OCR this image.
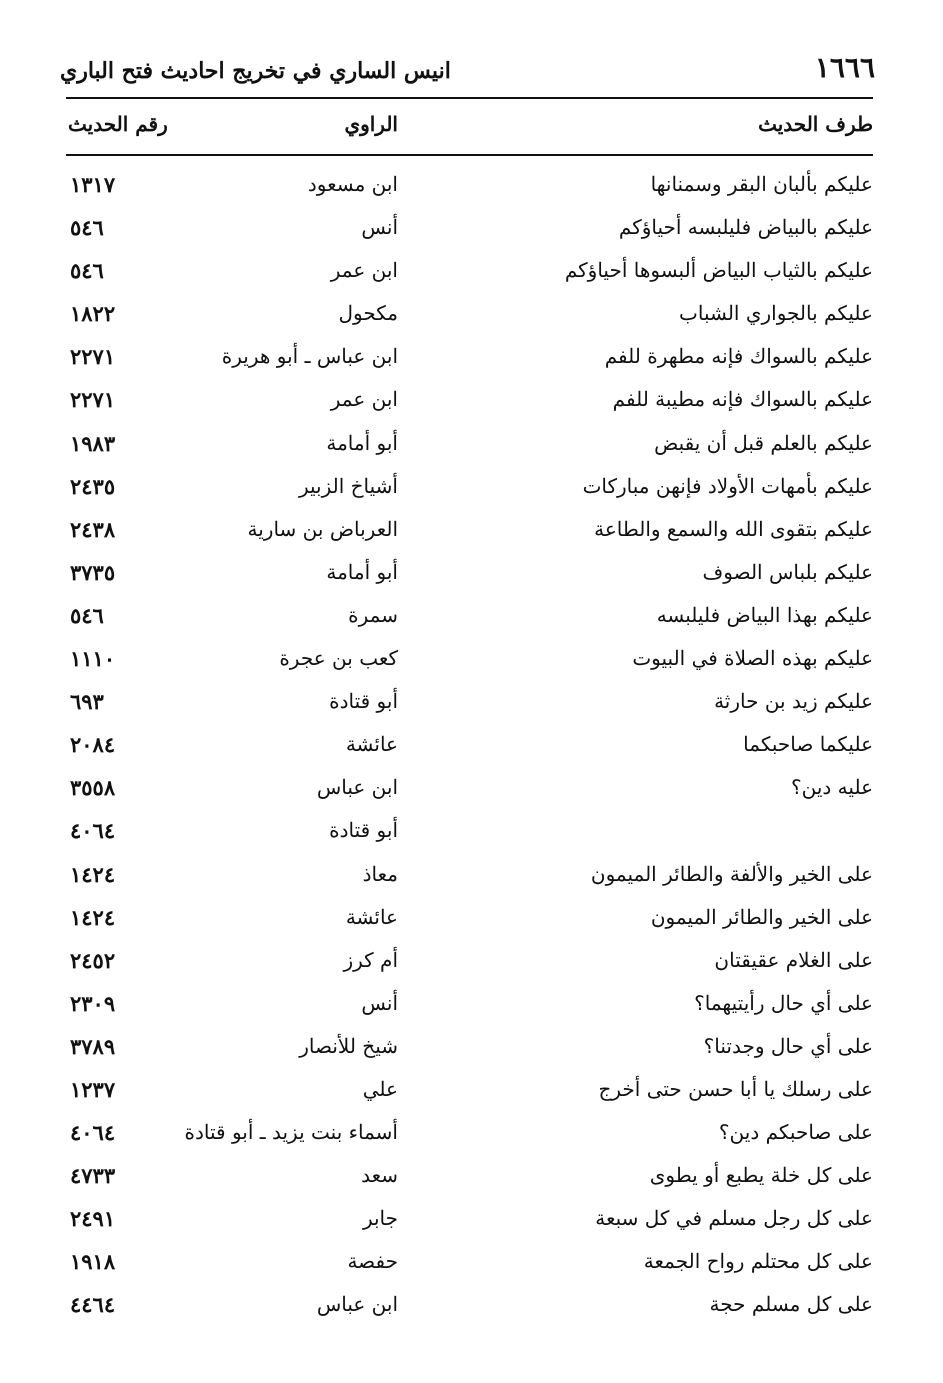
١٦٦٦
انيس الساري في تخريج احاديث فتح الباري
طرف الحديث
الراوي
رقم الحديث
عليكم بألبان البقر وسمنانها
ابن مسعود
١٣١٧
عليكم بالبياض فليلبسه أحياؤكم
أنس
٥٤٦
عليكم بالثياب البياض ألبسوها أحياؤكم
ابن عمر
٥٤٦
عليكم بالجواري الشباب
مكحول
١٨٢٢
عليكم بالسواك فإنه مطهرة للفم
ابن عباس ـ أبو هريرة
٢٢٧١
عليكم بالسواك فإنه مطيبة للفم
ابن عمر
٢٢٧١
عليكم بالعلم قبل أن يقبض
أبو أمامة
١٩٨٣
عليكم بأمهات الأولاد فإنهن مباركات
أشياخ الزبير
٢٤٣٥
عليكم بتقوى الله والسمع والطاعة
العرباض بن سارية
٢٤٣٨
عليكم بلباس الصوف
أبو أمامة
٣٧٣٥
عليكم بهذا البياض فليلبسه
سمرة
٥٤٦
عليكم بهذه الصلاة في البيوت
كعب بن عجرة
١١١٠
عليكم زيد بن حارثة
أبو قتادة
٦٩٣
عليكما صاحبكما
عائشة
٢٠٨٤
عليه دين؟
ابن عباس
٣٥٥٨
أبو قتادة
٤٠٦٤
على الخير والألفة والطائر الميمون
معاذ
١٤٢٤
على الخير والطائر الميمون
عائشة
١٤٢٤
على الغلام عقيقتان
أم كرز
٢٤٥٢
على أي حال رأيتيهما؟
أنس
٢٣٠٩
على أي حال وجدتنا؟
شيخ للأنصار
٣٧٨٩
على رسلك يا أبا حسن حتى أخرج
علي
١٢٣٧
على صاحبكم دين؟
أسماء بنت يزيد ـ أبو قتادة
٤٠٦٤
على كل خلة يطبع أو يطوى
سعد
٤٧٣٣
على كل رجل مسلم في كل سبعة
جابر
٢٤٩١
على كل محتلم رواح الجمعة
حفصة
١٩١٨
على كل مسلم حجة
ابن عباس
٤٤٦٤
